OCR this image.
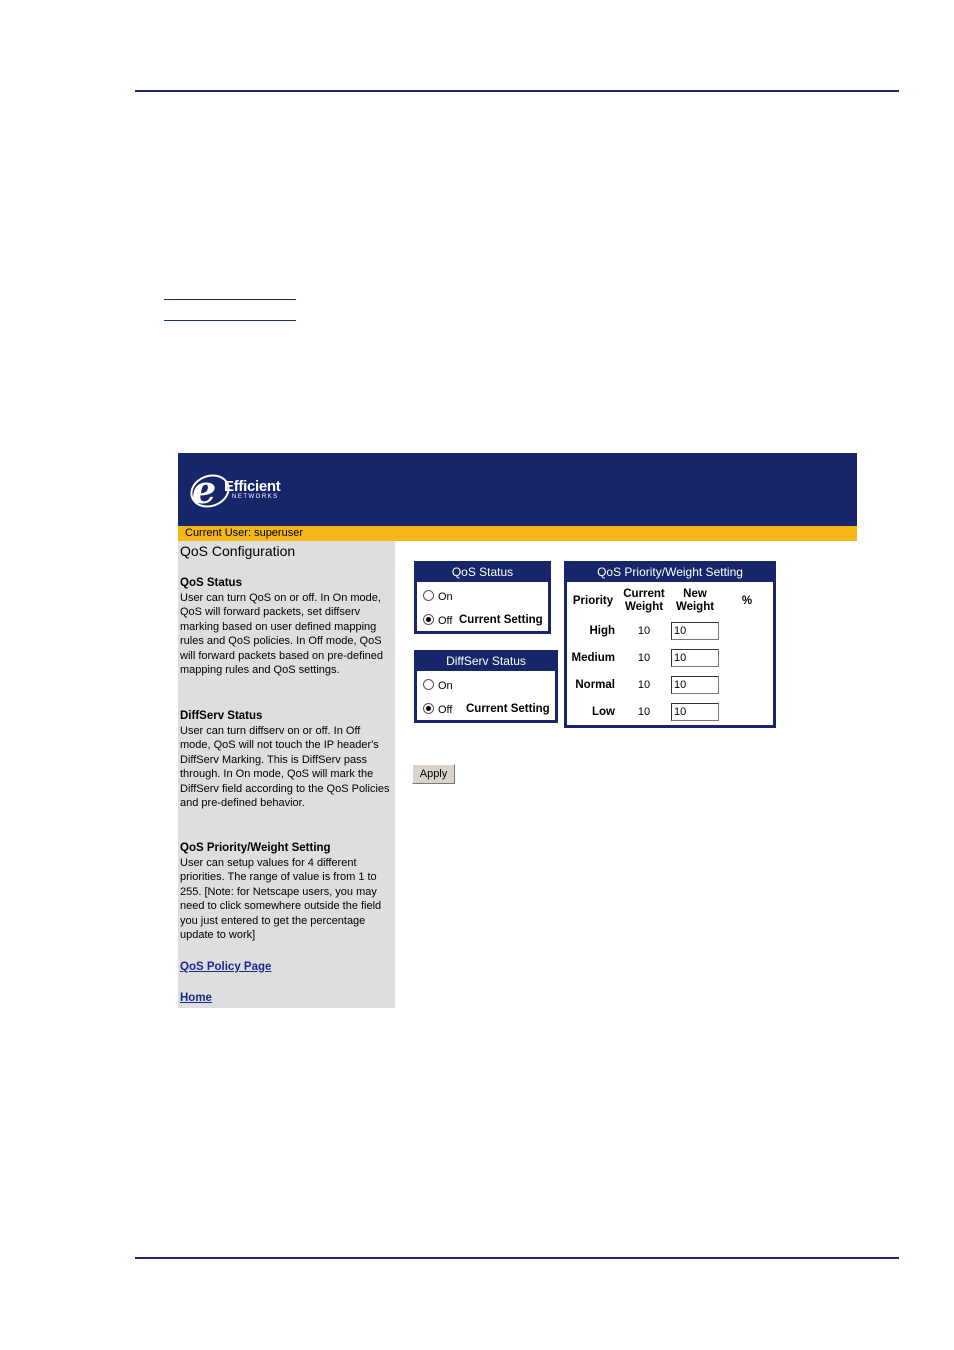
e Efficient
NETWORKS
Current User: superuser
QoS Configuration
QoS Status
User can turn QoS on or off. In On mode, QoS will forward packets, set diffserv marking based on user defined mapping rules and QoS policies. In Off mode, QoS will forward packets based on pre-defined mapping rules and QoS settings.
DiffServ Status
User can turn diffserv on or off. In Off mode, QoS will not touch the IP header's DiffServ Marking. This is DiffServ pass through. In On mode, QoS will mark the DiffServ field according to the QoS Policies and pre-defined behavior.
QoS Priority/Weight Setting
User can setup values for 4 different priorities. The range of value is from 1 to 255. [Note: for Netscape users, you may need to click somewhere outside the field you just entered to get the percentage update to work]
QoS Policy Page
Home
QoS Status
On
Off Current Setting
DiffServ Status
On
Off Current Setting
QoS Priority/Weight Setting
Priority	Current Weight	New Weight	%
High	10	10	
Medium	10	10	
Normal	10	10	
Low	10	10	
Apply
